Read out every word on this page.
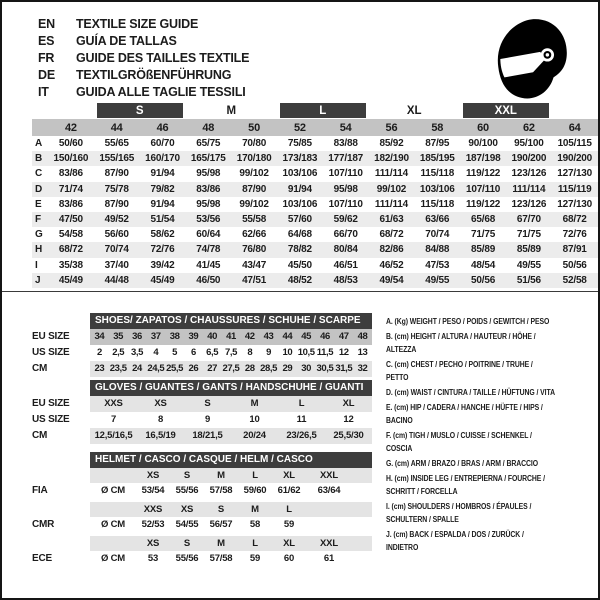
EN	TEXTILE SIZE GUIDE
ES	GUÍA DE TALLAS
FR	GUIDE DES TAILLES TEXTILE
DE	TEXTILGRÖßENFÜHRUNG
IT	GUIDA ALLE TAGLIE TESSILI
S	M	L	XL	XXL
42	44	46	48	50	52	54	56	58	60	62	64
A	50/60	55/65	60/70	65/75	70/80	75/85	83/88	85/92	87/95	90/100	95/100	105/115
B	150/160	155/165	160/170	165/175	170/180	173/183	177/187	182/190	185/195	187/198	190/200	190/200
C	83/86	87/90	91/94	95/98	99/102	103/106	107/110	111/114	115/118	119/122	123/126	127/130
D	71/74	75/78	79/82	83/86	87/90	91/94	95/98	99/102	103/106	107/110	111/114	115/119
E	83/86	87/90	91/94	95/98	99/102	103/106	107/110	111/114	115/118	119/122	123/126	127/130
F	47/50	49/52	51/54	53/56	55/58	57/60	59/62	61/63	63/66	65/68	67/70	68/72
G	54/58	56/60	58/62	60/64	62/66	64/68	66/70	68/72	70/74	71/75	71/75	72/76
H	68/72	70/74	72/76	74/78	76/80	78/82	80/84	82/86	84/88	85/89	85/89	87/91
I	35/38	37/40	39/42	41/45	43/47	45/50	46/51	46/52	47/53	48/54	49/55	50/56
J	45/49	44/48	45/49	46/50	47/51	48/52	48/53	49/54	49/55	50/56	51/56	52/58
SHOES/ ZAPATOS / CHAUSSURES / SCHUHE / SCARPE
EU SIZE	34 35 36 37 38 39 40 41 42 43 44 45 46 47 48
US SIZE	2	2,5 3,5	4	5	6	6,5 7,5	8	9	10 10,5 11,5 12 13
CM	23 23,5 24 24,5 25,5 26 27 27,5 28 28,5 29 30 30,5 31,5 32
GLOVES / GUANTES / GANTS / HANDSCHUHE / GUANTI
EU SIZE	XXS	XS	S	M	L	XL
US SIZE	7	8	9	10	11	12
CM	12,5/16,5	16,5/19	18/21,5	20/24	23/26,5	25,5/30
HELMET / CASCO / CASQUE / HELM / CASCO
XS	S	M	L	XL	XXL
FIA	Ø CM	53/54	55/56	57/58	59/60	61/62	63/64
XXS	XS	S	M	L
CMR	Ø CM	52/53	54/55	56/57	58	59
XS	S	M	L	XL	XXL
ECE	Ø CM	53	55/56	57/58	59	60	61
A. (Kg) WEIGHT / PESO / POIDS / GEWITCH / PESO
B. (cm) HEIGHT / ALTURA / HAUTEUR / HÖHE / ALTEZZA
C. (cm) CHEST / PECHO / POITRINE / TRUHE / PETTO
D. (cm) WAIST / CINTURA / TAILLE / HÜFTUNG / VITA
E. (cm) HIP / CADERA / HANCHE / HÜFTE / HIPS / BACINO
F. (cm) TIGH / MUSLO / CUISSE / SCHENKEL / COSCIA
G. (cm) ARM / BRAZO / BRAS / ARM / BRACCIO
H. (cm) INSIDE LEG / ENTREPIERNA / FOURCHE / SCHRITT / FORCELLA
I. (cm) SHOULDERS / HOMBROS / ÉPAULES / SCHULTERN / SPALLE
J. (cm) BACK / ESPALDA / DOS / ZURÜCK / INDIETRO
